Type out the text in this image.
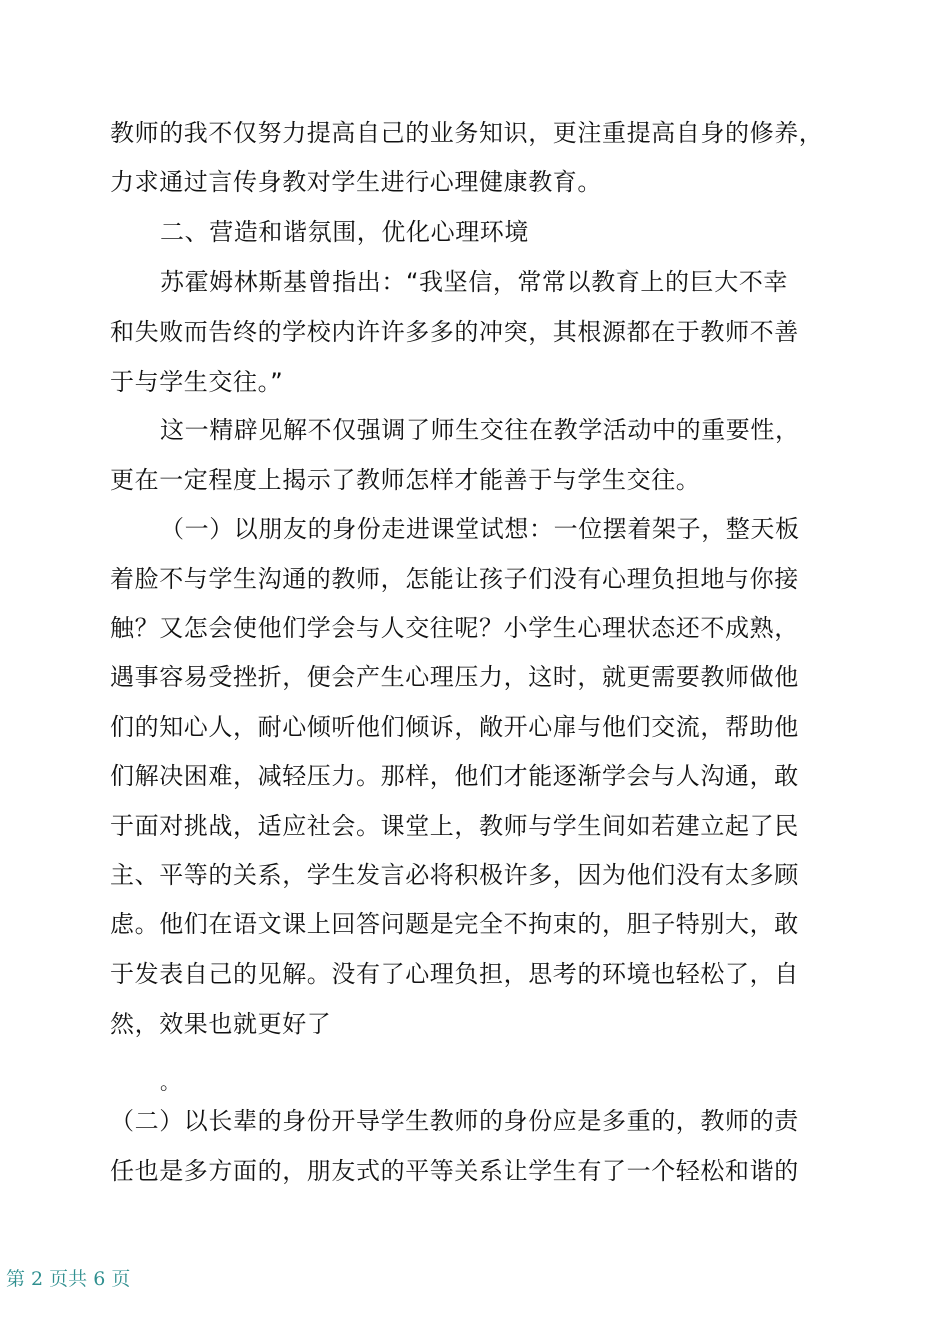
教师的我不仅努力提高自己的业务知识，更注重提高自身的修养，
力求通过言传身教对学生进行心理健康教育。
二、营造和谐氛围，优化心理环境
苏霍姆林斯基曾指出：“我坚信，常常以教育上的巨大不幸
和失败而告终的学校内许许多多的冲突，其根源都在于教师不善
于与学生交往。”
这一精辟见解不仅强调了师生交往在教学活动中的重要性，
更在一定程度上揭示了教师怎样才能善于与学生交往。
（一）以朋友的身份走进课堂试想：一位摆着架子，整天板
着脸不与学生沟通的教师，怎能让孩子们没有心理负担地与你接
触？又怎会使他们学会与人交往呢？小学生心理状态还不成熟，
遇事容易受挫折，便会产生心理压力，这时，就更需要教师做他
们的知心人，耐心倾听他们倾诉，敞开心扉与他们交流，帮助他
们解决困难，减轻压力。那样，他们才能逐渐学会与人沟通，敢
于面对挑战，适应社会。课堂上，教师与学生间如若建立起了民
主、平等的关系，学生发言必将积极许多，因为他们没有太多顾
虑。他们在语文课上回答问题是完全不拘束的，胆子特别大，敢
于发表自己的见解。没有了心理负担，思考的环境也轻松了，自
然，效果也就更好了
。
（二）以长辈的身份开导学生教师的身份应是多重的，教师的责
任也是多方面的，朋友式的平等关系让学生有了一个轻松和谐的
第 2 页共 6 页
